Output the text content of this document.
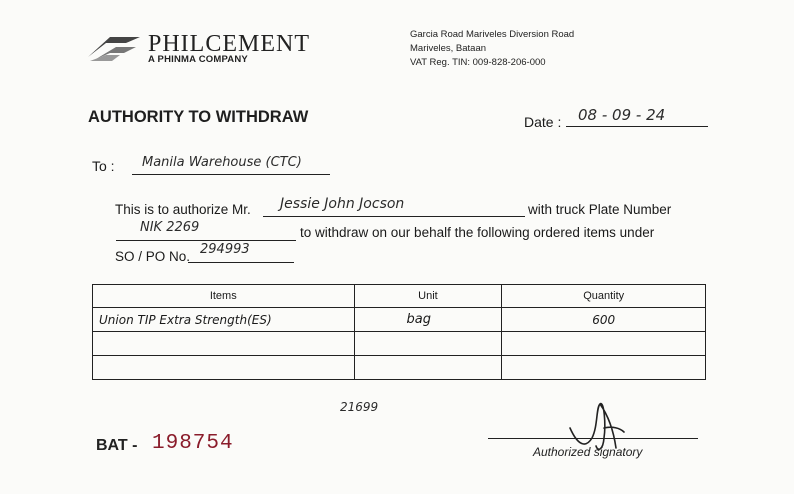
PHILCEMENT
A PHINMA COMPANY
Garcia Road Mariveles Diversion Road
Mariveles, Bataan
VAT Reg. TIN: 009-828-206-000
AUTHORITY TO WITHDRAW	Date : 08 - 09 - 24
To : Manila Warehouse (CTC)
This is to authorize Mr. Jessie John Jocson	with truck Plate Number
NIK 2269	to withdraw on our behalf the following ordered items under
SO / PO No. 294993
Items	Unit	Quantity
Union TIP Extra Strength(ES)	bag	600

21699
BAT - 198754	Authorized signatory
